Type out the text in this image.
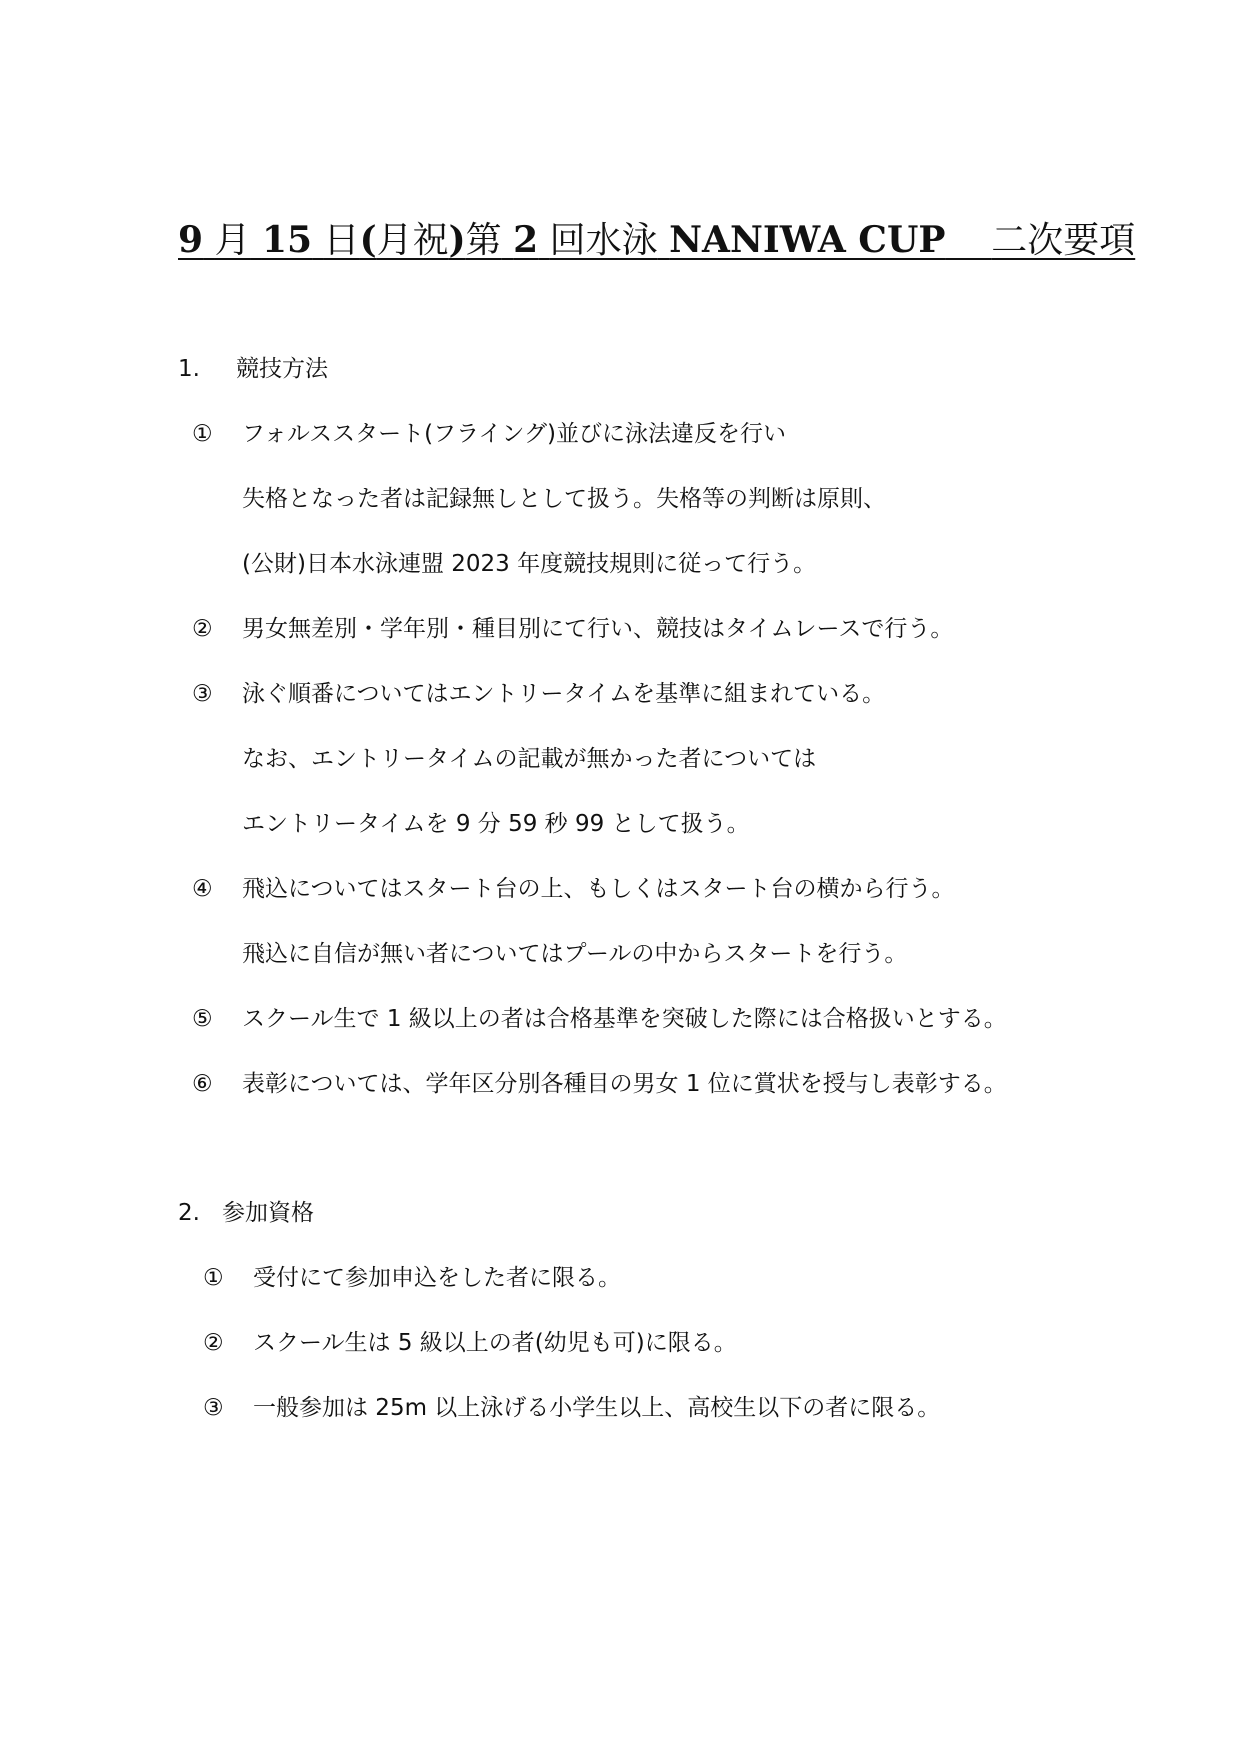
9 月 15 日(月祝)第 2 回水泳 NANIWA CUP 二次要項
1. 競技方法
① フォルススタート(フライング)並びに泳法違反を行い
失格となった者は記録無しとして扱う。失格等の判断は原則、
(公財)日本水泳連盟 2023 年度競技規則に従って行う。
② 男女無差別・学年別・種目別にて行い、競技はタイムレースで行う。
③ 泳ぐ順番についてはエントリータイムを基準に組まれている。
なお、エントリータイムの記載が無かった者については
エントリータイムを 9 分 59 秒 99 として扱う。
④ 飛込についてはスタート台の上、もしくはスタート台の横から行う。
飛込に自信が無い者についてはプールの中からスタートを行う。
⑤ スクール生で 1 級以上の者は合格基準を突破した際には合格扱いとする。
⑥ 表彰については、学年区分別各種目の男女 1 位に賞状を授与し表彰する。
2. 参加資格
① 受付にて参加申込をした者に限る。
② スクール生は 5 級以上の者(幼児も可)に限る。
③ 一般参加は 25m 以上泳げる小学生以上、高校生以下の者に限る。
